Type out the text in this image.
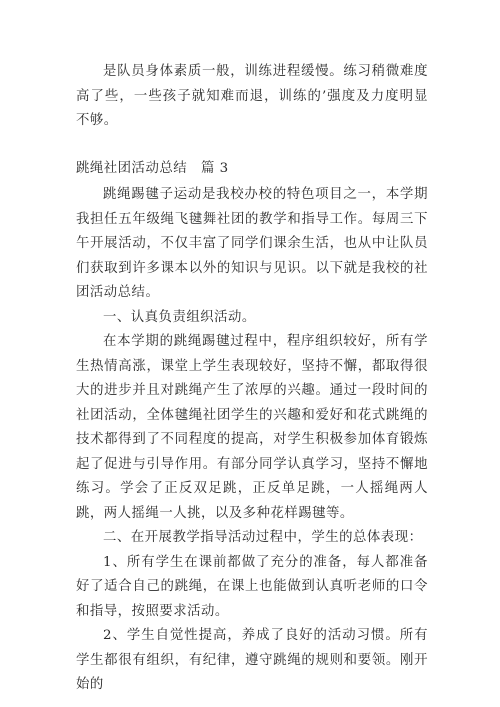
是队员身体素质一般，训练进程缓慢。练习稍微难度高了些，一些孩子就知难而退，训练的’强度及力度明显不够。

跳绳社团活动总结　篇 3

跳绳踢毽子运动是我校办校的特色项目之一，本学期我担任五年级绳飞毽舞社团的教学和指导工作。每周三下午开展活动，不仅丰富了同学们课余生活，也从中让队员们获取到许多课本以外的知识与见识。以下就是我校的社团活动总结。

一、认真负责组织活动。

在本学期的跳绳踢毽过程中，程序组织较好，所有学生热情高涨，课堂上学生表现较好，坚持不懈，都取得很大的进步并且对跳绳产生了浓厚的兴趣。通过一段时间的社团活动，全体毽绳社团学生的兴趣和爱好和花式跳绳的技术都得到了不同程度的提高，对学生积极参加体育锻炼起了促进与引导作用。有部分同学认真学习，坚持不懈地练习。学会了正反双足跳，正反单足跳，一人摇绳两人跳，两人摇绳一人挑，以及多种花样踢毽等。

二、在开展教学指导活动过程中，学生的总体表现：

1、所有学生在课前都做了充分的准备，每人都准备好了适合自己的跳绳，在课上也能做到认真听老师的口令和指导，按照要求活动。

2、学生自觉性提高，养成了良好的活动习惯。所有学生都很有组织，有纪律，遵守跳绳的规则和要领。刚开始的
